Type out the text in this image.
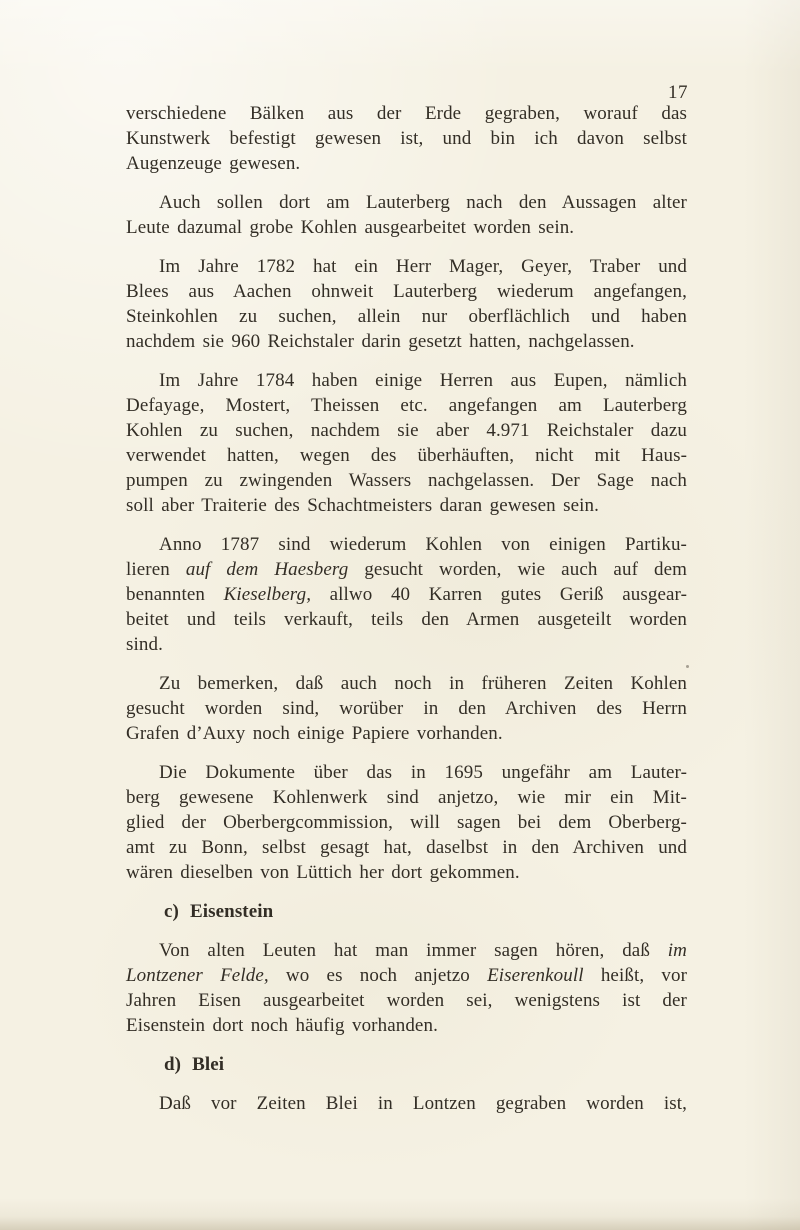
17
verschiedene Bälken aus der Erde gegraben, worauf das
Kunstwerk befestigt gewesen ist, und bin ich davon selbst
Augenzeuge gewesen.
Auch sollen dort am Lauterberg nach den Aussagen alter
Leute dazumal grobe Kohlen ausgearbeitet worden sein.
Im Jahre 1782 hat ein Herr Mager, Geyer, Traber und
Blees aus Aachen ohnweit Lauterberg wiederum angefangen,
Steinkohlen zu suchen, allein nur oberflächlich und haben
nachdem sie 960 Reichstaler darin gesetzt hatten, nachgelassen.
Im Jahre 1784 haben einige Herren aus Eupen, nämlich
Defayage, Mostert, Theissen etc. angefangen am Lauterberg
Kohlen zu suchen, nachdem sie aber 4.971 Reichstaler dazu
verwendet hatten, wegen des überhäuften, nicht mit Haus-
pumpen zu zwingenden Wassers nachgelassen. Der Sage nach
soll aber Traiterie des Schachtmeisters daran gewesen sein.
Anno 1787 sind wiederum Kohlen von einigen Partiku-
lieren auf dem Haesberg gesucht worden, wie auch auf dem
benannten Kieselberg, allwo 40 Karren gutes Geriß ausgear-
beitet und teils verkauft, teils den Armen ausgeteilt worden
sind.
Zu bemerken, daß auch noch in früheren Zeiten Kohlen
gesucht worden sind, worüber in den Archiven des Herrn
Grafen d’Auxy noch einige Papiere vorhanden.
Die Dokumente über das in 1695 ungefähr am Lauter-
berg gewesene Kohlenwerk sind anjetzo, wie mir ein Mit-
glied der Oberbergcommission, will sagen bei dem Oberberg-
amt zu Bonn, selbst gesagt hat, daselbst in den Archiven und
wären dieselben von Lüttich her dort gekommen.
c) Eisenstein
Von alten Leuten hat man immer sagen hören, daß im
Lontzener Felde, wo es noch anjetzo Eiserenkoull heißt, vor
Jahren Eisen ausgearbeitet worden sei, wenigstens ist der
Eisenstein dort noch häufig vorhanden.
d) Blei
Daß vor Zeiten Blei in Lontzen gegraben worden ist,
